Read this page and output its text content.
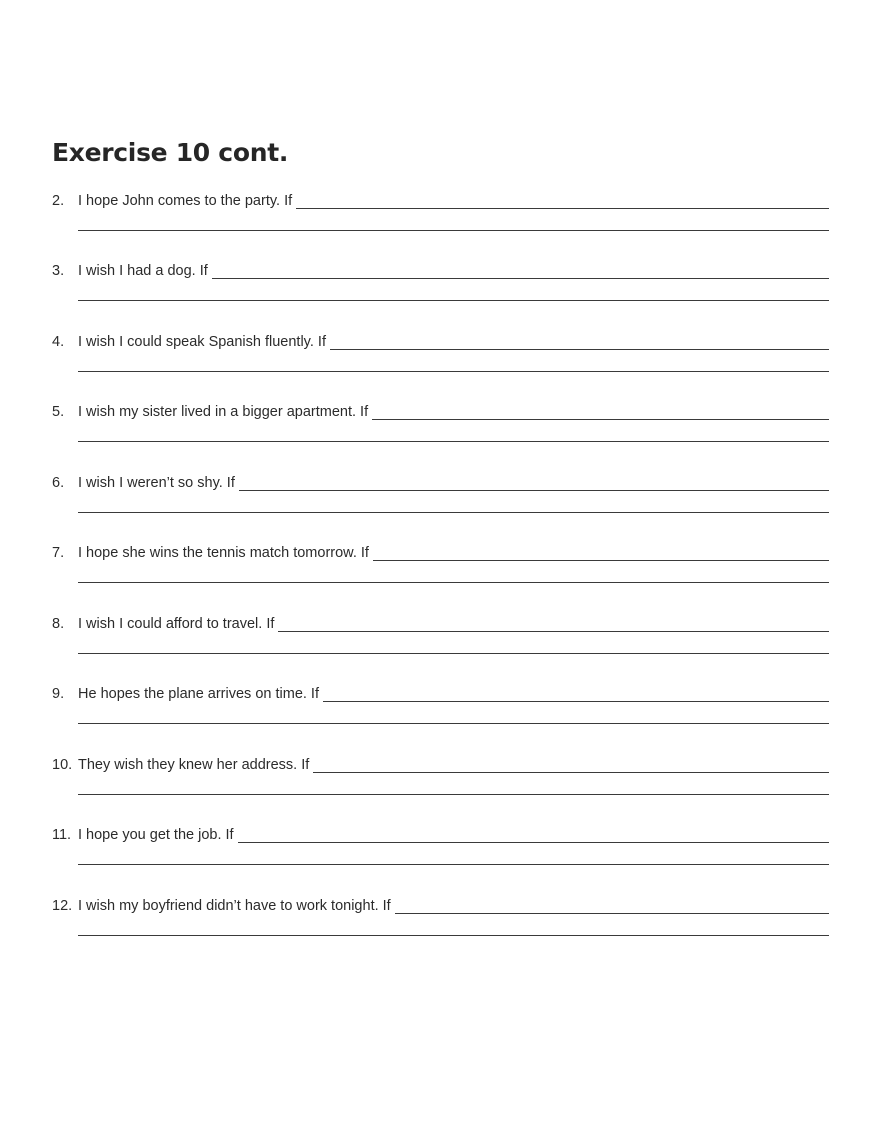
Exercise 10 cont.
2. I hope John comes to the party. If
3. I wish I had a dog. If
4. I wish I could speak Spanish fluently. If
5. I wish my sister lived in a bigger apartment. If
6. I wish I weren’t so shy. If
7. I hope she wins the tennis match tomorrow. If
8. I wish I could afford to travel. If
9. He hopes the plane arrives on time. If
10. They wish they knew her address. If
11. I hope you get the job. If
12. I wish my boyfriend didn’t have to work tonight. If
